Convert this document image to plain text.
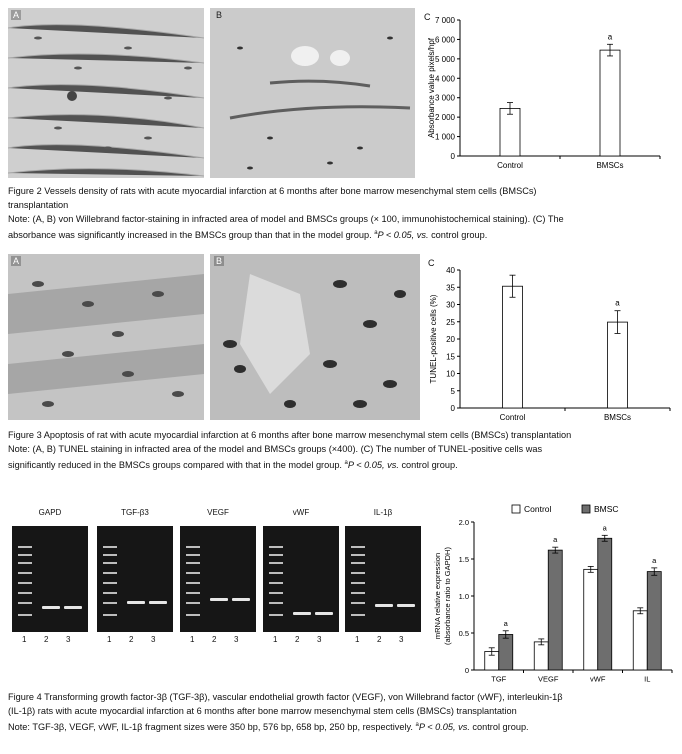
A	B	C
0
1 000
2 000
3 000
4 000
5 000
6 000
7 000
Absorbance value pixels/hpf
Control	BMSCs
a
Figure 2 Vessels density of rats with acute myocardial infarction at 6 months after bone marrow mesenchymal stem cells (BMSCs)
transplantation
Note: (A, B) von Willebrand factor-staining in infracted area of model and BMSCs groups (× 100, immunohistochemical staining). (C) The
absorbance was significantly increased in the BMSCs group than that in the model group. $^a$P < 0.05, vs. control group.
A	B	C
0
5
10
15
20
25
30
35
40
TUNEL-positive cells (%)
Control	BMSCs
a
Figure 3 Apoptosis of rat with acute myocardial infarction at 6 months after bone marrow mesenchymal stem cells (BMSCs) transplantation
Note: (A, B) TUNEL staining in infracted area of the model and BMSCs groups (×400). (C) The number of TUNEL-positive cells was
significantly reduced in the BMSCs groups compared with that in the model group. $^a$P < 0.05, vs. control group.
GAPD
1 2 3
TGF-β3
1 2 3
VEGF
1 2 3
vWF
1 2 3
IL-1β
1 2 3
0
0.5
1.0
1.5
2.0
mRNA relative expression (absorbance ratio to GAPDH)
TGF
a
VEGF
a
vWF
a
IL
a
Control	BMSC
Figure 4 Transforming growth factor-3β (TGF-3β), vascular endothelial growth factor (VEGF), von Willebrand factor (vWF), interleukin-1β
(IL-1β) rats with acute myocardial infarction at 6 months after bone marrow mesenchymal stem cells (BMSCs) transplantation
Note: TGF-3β, VEGF, vWF, IL-1β fragment sizes were 350 bp, 576 bp, 658 bp, 250 bp, respectively. $^a$P < 0.05, vs. control group.
